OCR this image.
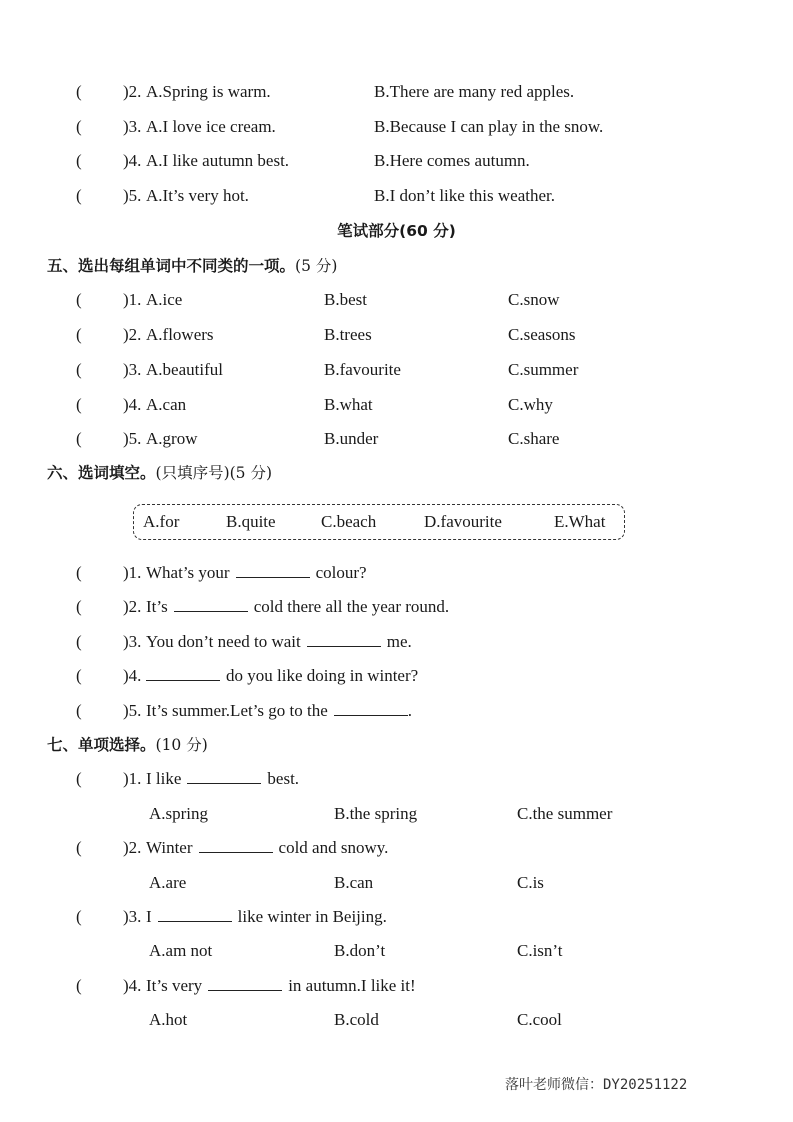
( )2. A.Spring is warm.	B.There are many red apples.
( )3. A.I love ice cream.	B.Because I can play in the snow.
( )4. A.I like autumn best.	B.Here comes autumn.
( )5. A.It’s very hot.	B.I don’t like this weather.
笔试部分(60 分)
五、选出每组单词中不同类的一项。(5 分)
( )1. A.ice	B.best	C.snow
( )2. A.flowers	B.trees	C.seasons
( )3. A.beautiful	B.favourite	C.summer
( )4. A.can	B.what	C.why
( )5. A.grow	B.under	C.share
六、选词填空。(只填序号)(5 分)
A.for	B.quite	C.beach	D.favourite	E.What
( )1. What’s your	colour?
( )2. It’s	cold there all the year round.
( )3. You don’t need to wait	me.
( )4.	do you like doing in winter?
( )5. It’s summer.Let’s go to the	.
七、单项选择。(10 分)
( )1. I like	best.
A.spring	B.the spring	C.the summer
( )2. Winter	cold and snowy.
A.are	B.can	C.is
( )3. I	like winter in Beijing.
A.am not	B.don’t	C.isn’t
( )4. It’s very	in autumn.I like it!
A.hot	B.cold	C.cool
落叶老师微信：DY20251122
